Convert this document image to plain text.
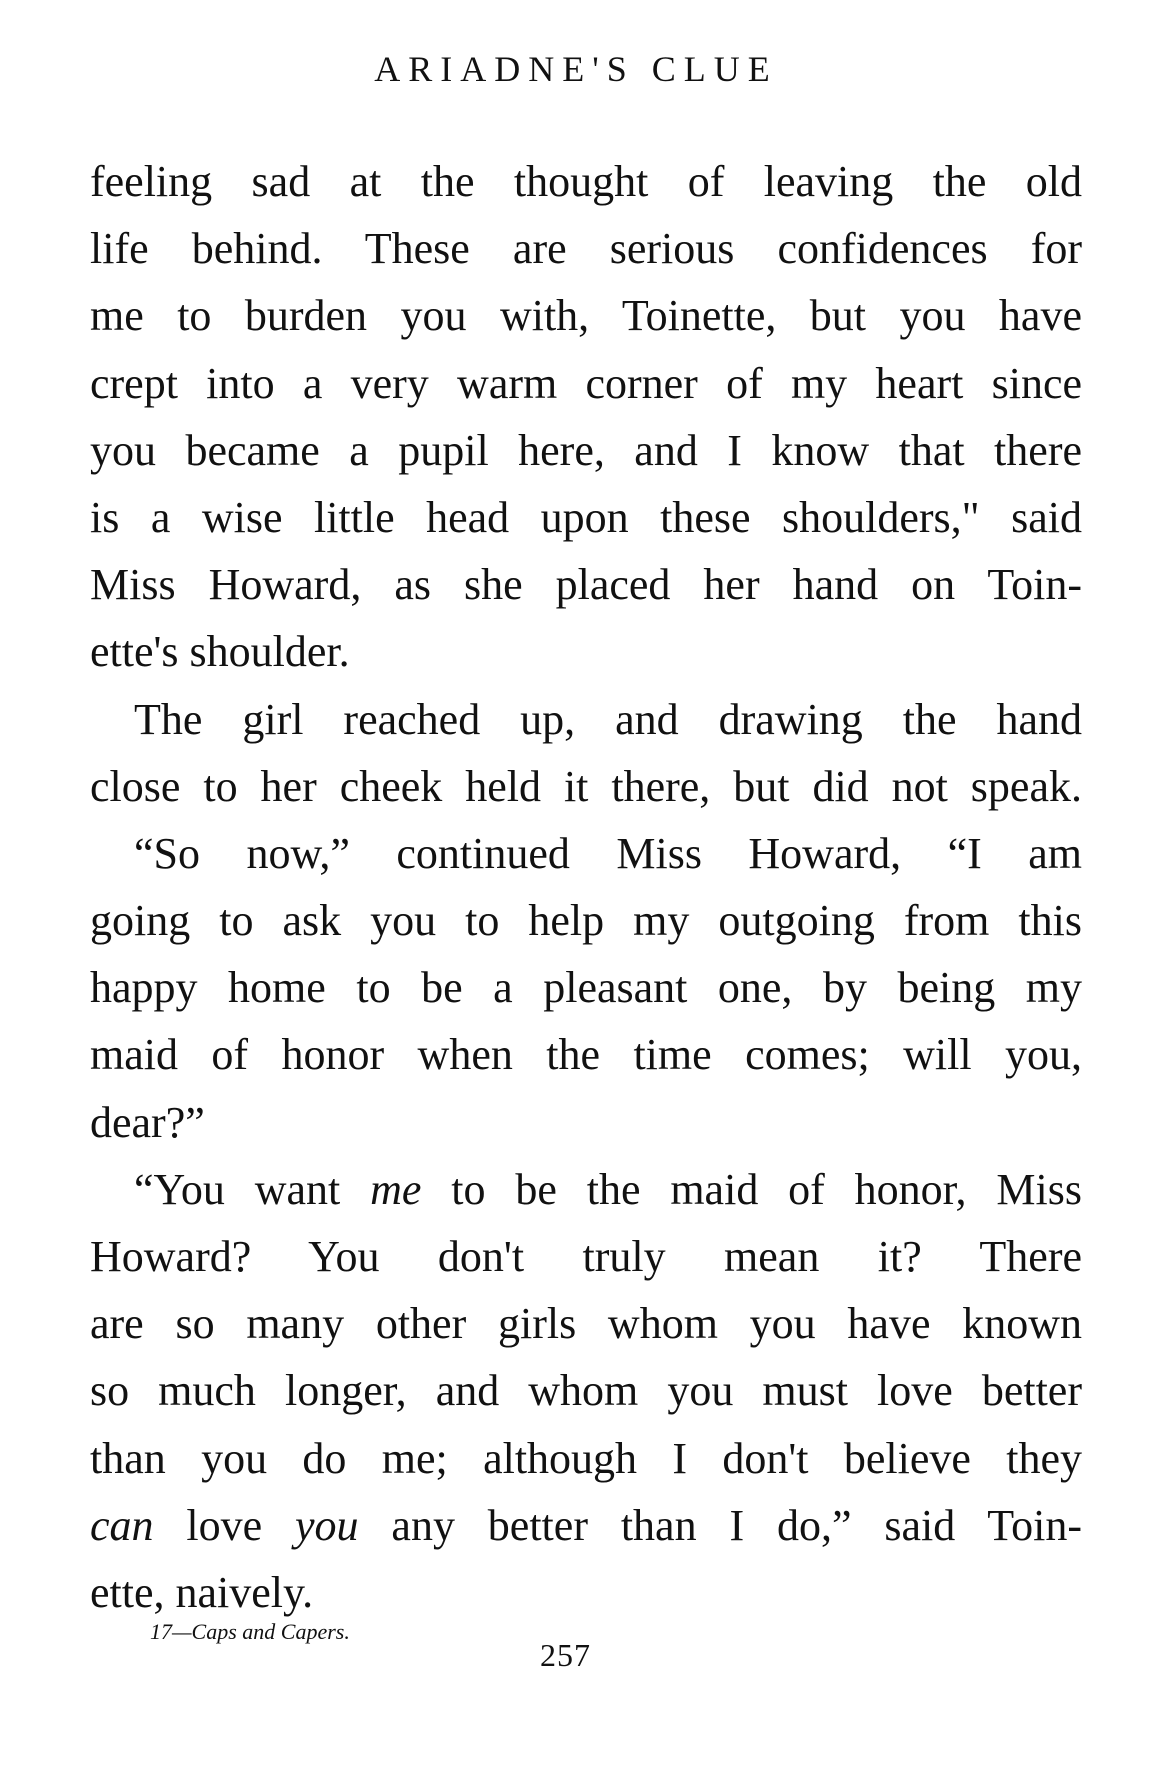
ARIADNE'S CLUE
feeling sad at the thought of leaving the old
life behind. These are serious confidences for
me to burden you with, Toinette, but you have
crept into a very warm corner of my heart since
you became a pupil here, and I know that there
is a wise little head upon these shoulders," said
Miss Howard, as she placed her hand on Toin-
ette's shoulder.
The girl reached up, and drawing the hand
close to her cheek held it there, but did not speak.
“So now,” continued Miss Howard, “I am
going to ask you to help my outgoing from this
happy home to be a pleasant one, by being my
maid of honor when the time comes; will you,
dear?”
“You want me to be the maid of honor, Miss
Howard? You don't truly mean it? There
are so many other girls whom you have known
so much longer, and whom you must love better
than you do me; although I don't believe they
can love you any better than I do,” said Toin-
ette, naively.
17—Caps and Capers.
257
